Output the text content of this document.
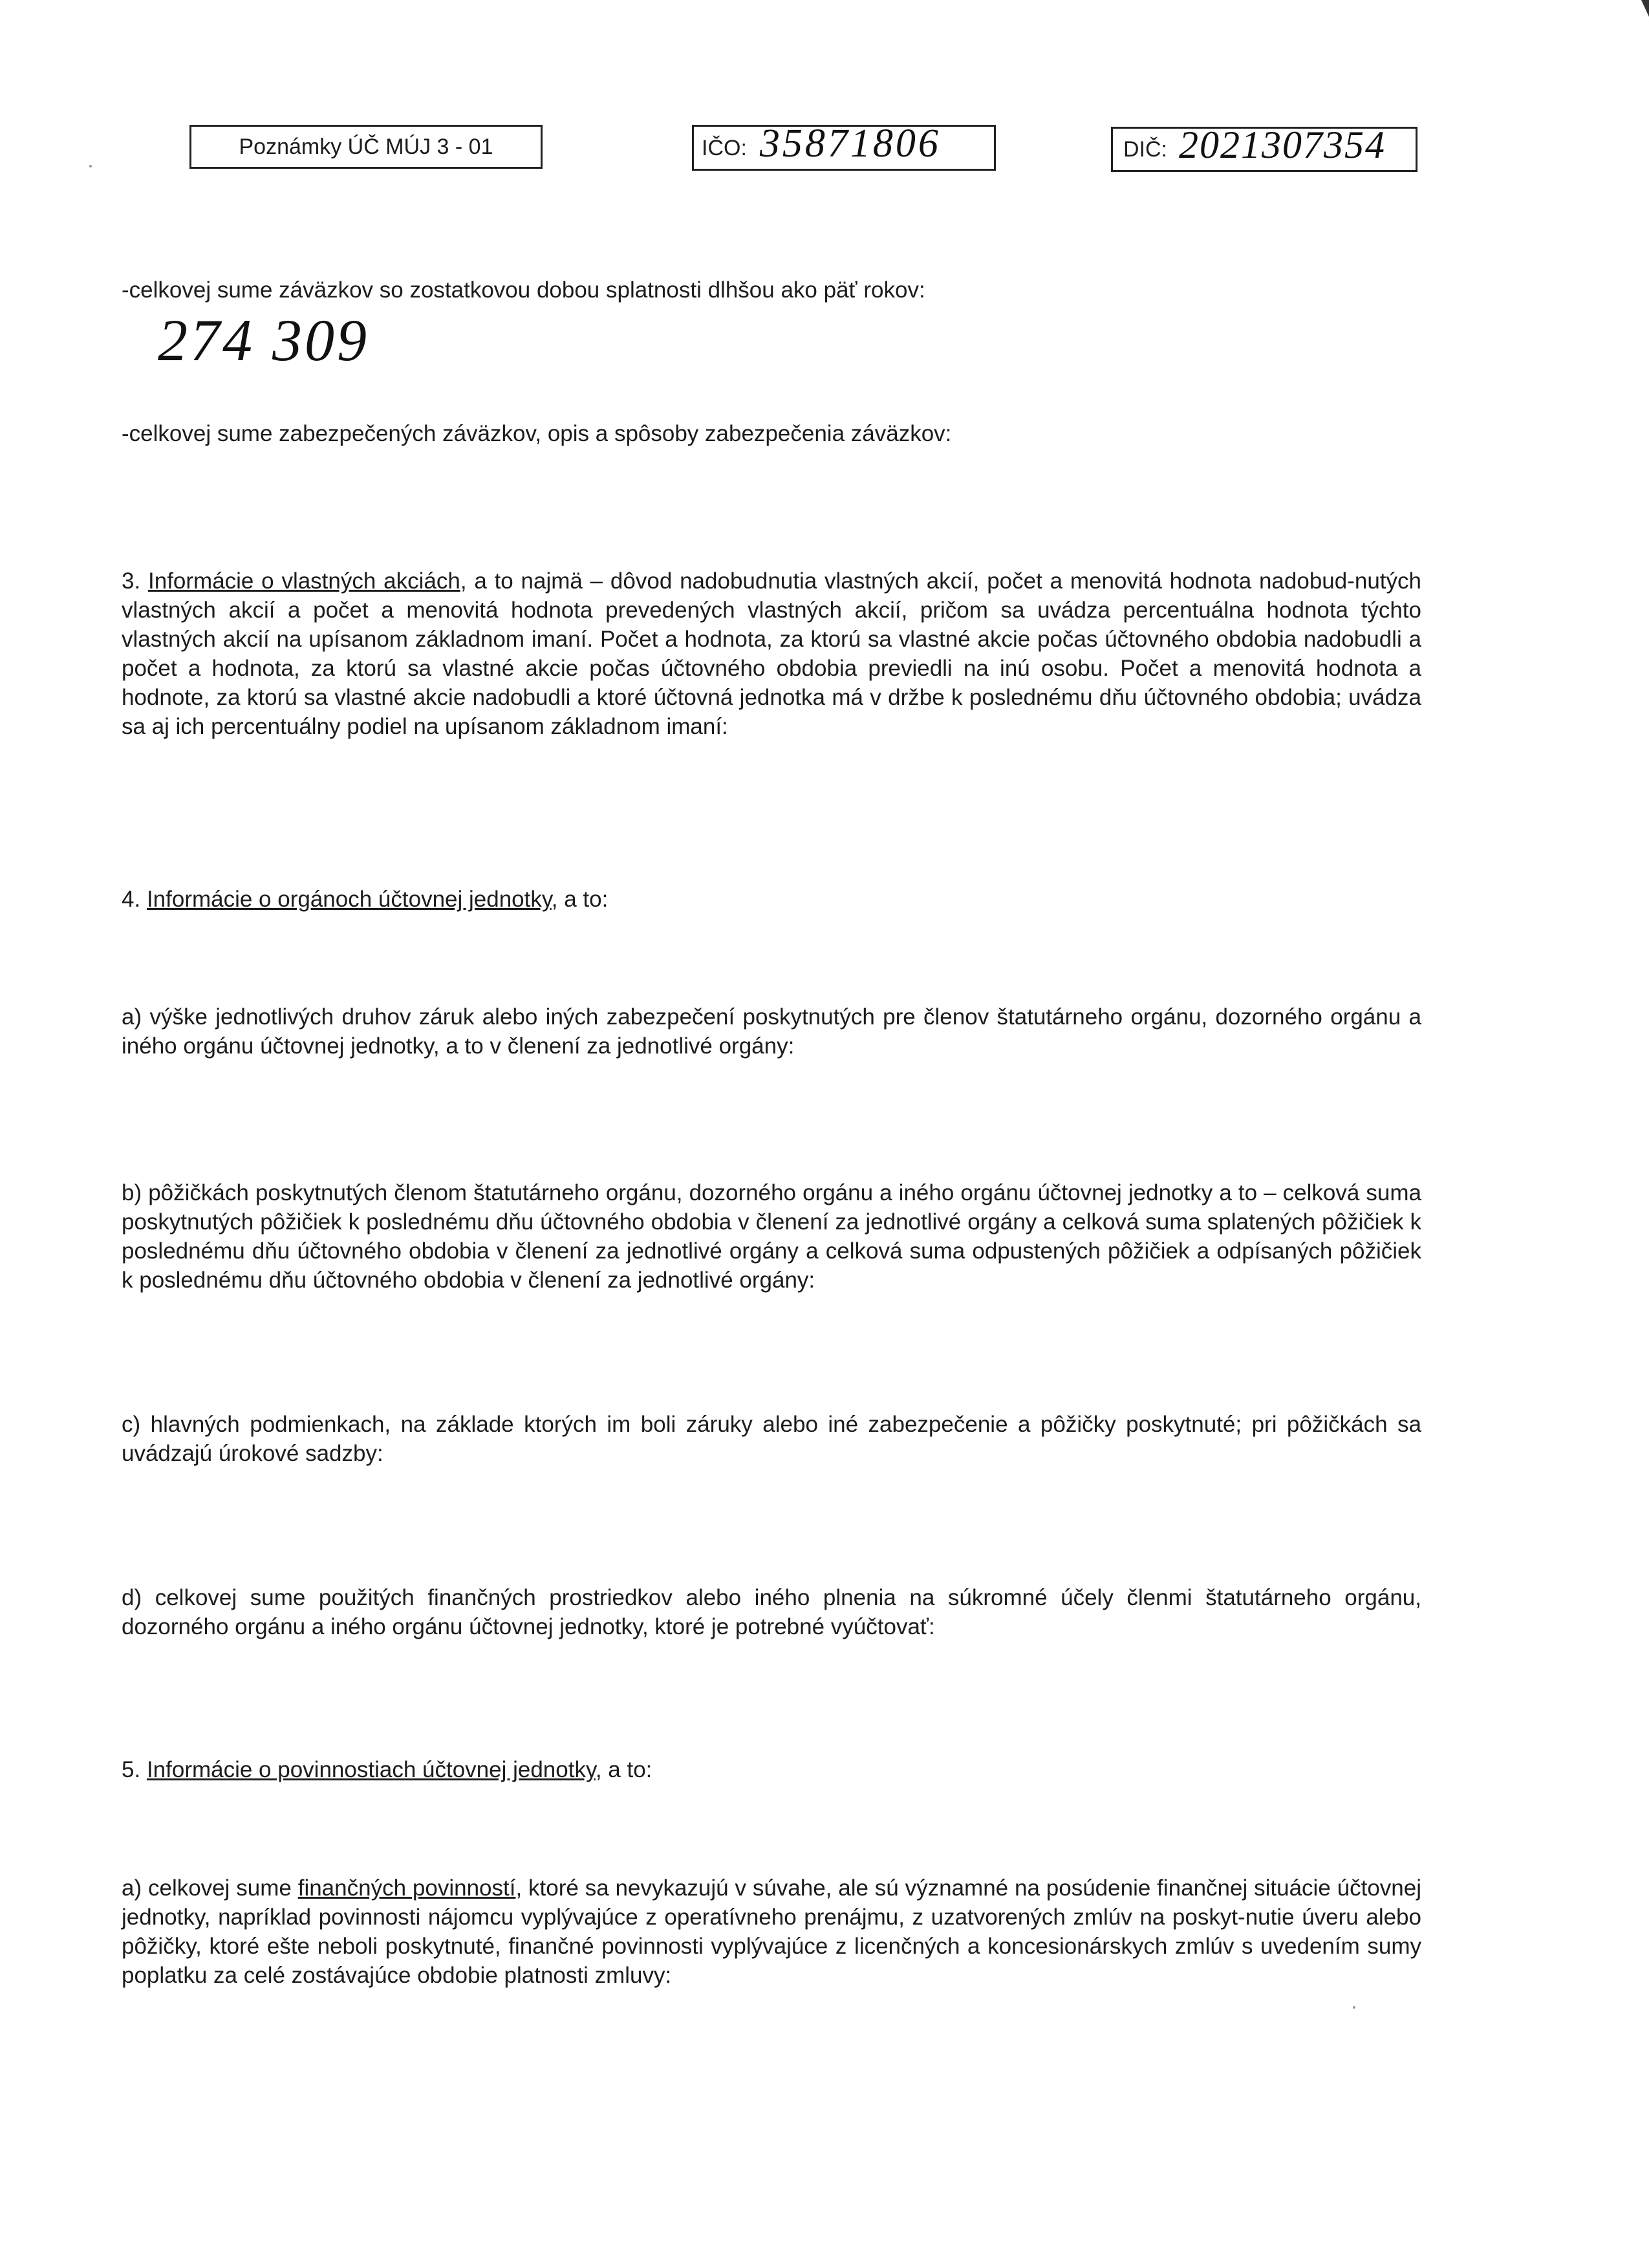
Poznámky ÚČ MÚJ 3 - 01	IČO: 35871806	DIČ: 2021307354
-celkovej sume záväzkov so zostatkovou dobou splatnosti dlhšou ako päť rokov:
274 309
-celkovej sume zabezpečených záväzkov, opis a spôsoby zabezpečenia záväzkov:
3. Informácie o vlastných akciách, a to najmä – dôvod nadobudnutia vlastných akcií, počet a menovitá hodnota nadobud-nutých vlastných akcií a počet a menovitá hodnota prevedených vlastných akcií, pričom sa uvádza percentuálna hodnota týchto vlastných akcií na upísanom základnom imaní. Počet a hodnota, za ktorú sa vlastné akcie počas účtovného obdobia nadobudli a počet a hodnota, za ktorú sa vlastné akcie počas účtovného obdobia previedli na inú osobu. Počet a menovitá hodnota a hodnote, za ktorú sa vlastné akcie nadobudli a ktoré účtovná jednotka má v držbe k poslednému dňu účtovného obdobia; uvádza sa aj ich percentuálny podiel na upísanom základnom imaní:
4. Informácie o orgánoch účtovnej jednotky, a to:
a) výške jednotlivých druhov záruk alebo iných zabezpečení poskytnutých pre členov štatutárneho orgánu, dozorného orgánu a iného orgánu účtovnej jednotky, a to v členení za jednotlivé orgány:
b) pôžičkách poskytnutých členom štatutárneho orgánu, dozorného orgánu a iného orgánu účtovnej jednotky a to – celková suma poskytnutých pôžičiek k poslednému dňu účtovného obdobia v členení za jednotlivé orgány a celková suma splatených pôžičiek k poslednému dňu účtovného obdobia v členení za jednotlivé orgány a celková suma odpustených pôžičiek a odpísaných pôžičiek k poslednému dňu účtovného obdobia v členení za jednotlivé orgány:
c) hlavných podmienkach, na základe ktorých im boli záruky alebo iné zabezpečenie a pôžičky poskytnuté; pri pôžičkách sa uvádzajú úrokové sadzby:
d) celkovej sume použitých finančných prostriedkov alebo iného plnenia na súkromné účely členmi štatutárneho orgánu, dozorného orgánu a iného orgánu účtovnej jednotky, ktoré je potrebné vyúčtovať:
5. Informácie o povinnostiach účtovnej jednotky, a to:
a) celkovej sume finančných povinností, ktoré sa nevykazujú v súvahe, ale sú významné na posúdenie finančnej situácie účtovnej jednotky, napríklad povinnosti nájomcu vyplývajúce z operatívneho prenájmu, z uzatvorených zmlúv na poskyt-nutie úveru alebo pôžičky, ktoré ešte neboli poskytnuté, finančné povinnosti vyplývajúce z licenčných a koncesionárskych zmlúv s uvedením sumy poplatku za celé zostávajúce obdobie platnosti zmluvy:
